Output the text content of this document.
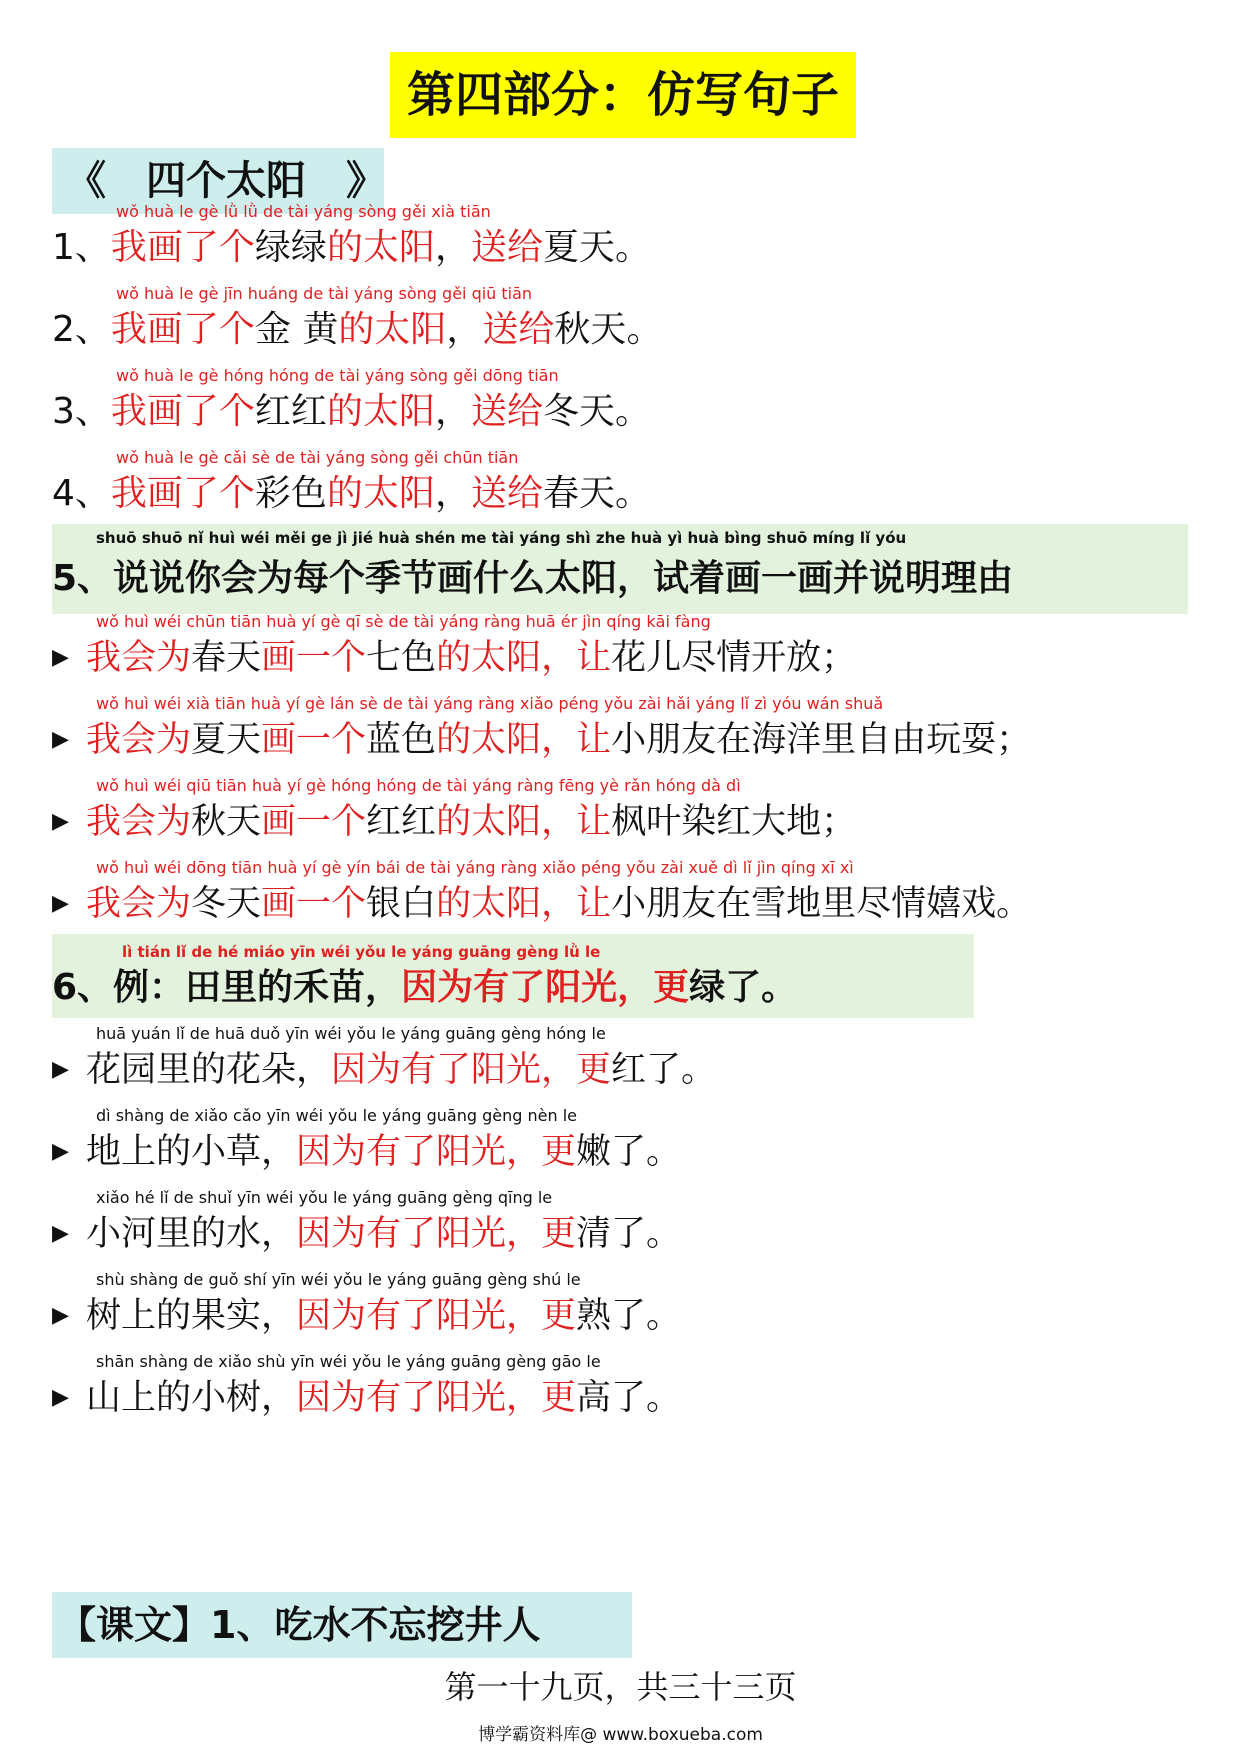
第四部分：仿写句子
《　四个太阳　》
wǒ huà le gè lǜ lǜ de tài yáng sòng gěi xià tiān
1、 我画了个 绿绿 的太阳 ， 送给 夏天 。
wǒ huà le gè jīn huáng de tài yáng sòng gěi qiū tiān
2、 我画了个 金 黄 的太阳 ， 送给 秋天 。
wǒ huà le gè hóng hóng de tài yáng sòng gěi dōng tiān
3、 我画了个 红红 的太阳 ， 送给 冬天 。
wǒ huà le gè cǎi sè de tài yáng sòng gěi chūn tiān
4、 我画了个 彩色 的太阳 ， 送给 春天 。
shuō shuō nǐ huì wéi měi ge jì jié huà shén me tài yáng shì zhe huà yì huà bìng shuō míng lǐ yóu
5、说说你会为每个季节画什么太阳，试着画一画并说明理由
wǒ huì wéi chūn tiān huà yí gè qī sè de tài yáng ràng huā ér jìn qíng kāi fàng
▶ 我会为 春天 画一个 七色 的太阳 ， 让 花儿尽情开放；
wǒ huì wéi xià tiān huà yí gè lán sè de tài yáng ràng xiǎo péng yǒu zài hǎi yáng lǐ zì yóu wán shuǎ
▶ 我会为 夏天 画一个 蓝色 的太阳， 让 小朋友在海洋里自由玩耍；
wǒ huì wéi qiū tiān huà yí gè hóng hóng de tài yáng ràng fēng yè rǎn hóng dà dì
▶ 我会为 秋天 画一个 红红 的太阳， 让 枫叶染红大地；
wǒ huì wéi dōng tiān huà yí gè yín bái de tài yáng ràng xiǎo péng yǒu zài xuě dì lǐ jìn qíng xī xì
▶ 我会为 冬天 画一个 银白 的太阳， 让 小朋友在雪地里尽情嬉戏。
lì tián lǐ de hé miáo yīn wéi yǒu le yáng guāng gèng lǜ le
6、例：田里的禾苗， 因为有了阳光， 更 绿了。
huā yuán lǐ de huā duǒ yīn wéi yǒu le yáng guāng gèng hóng le
▶ 花园里的花朵， 因为有了阳光， 更 红了。
dì shàng de xiǎo cǎo yīn wéi yǒu le yáng guāng gèng nèn le
▶ 地上的小草， 因为有了阳光， 更 嫩了。
xiǎo hé lǐ de shuǐ yīn wéi yǒu le yáng guāng gèng qīng le
▶ 小河里的水， 因为有了阳光， 更 清了。
shù shàng de guǒ shí yīn wéi yǒu le yáng guāng gèng shú le
▶ 树上的果实， 因为有了阳光， 更 熟了。
shān shàng de xiǎo shù yīn wéi yǒu le yáng guāng gèng gāo le
▶ 山上的小树， 因为有了阳光， 更 高了。
【课文】1、吃水不忘挖井人
第一十九页，共三十三页
博学霸资料库@ www.boxueba.com
